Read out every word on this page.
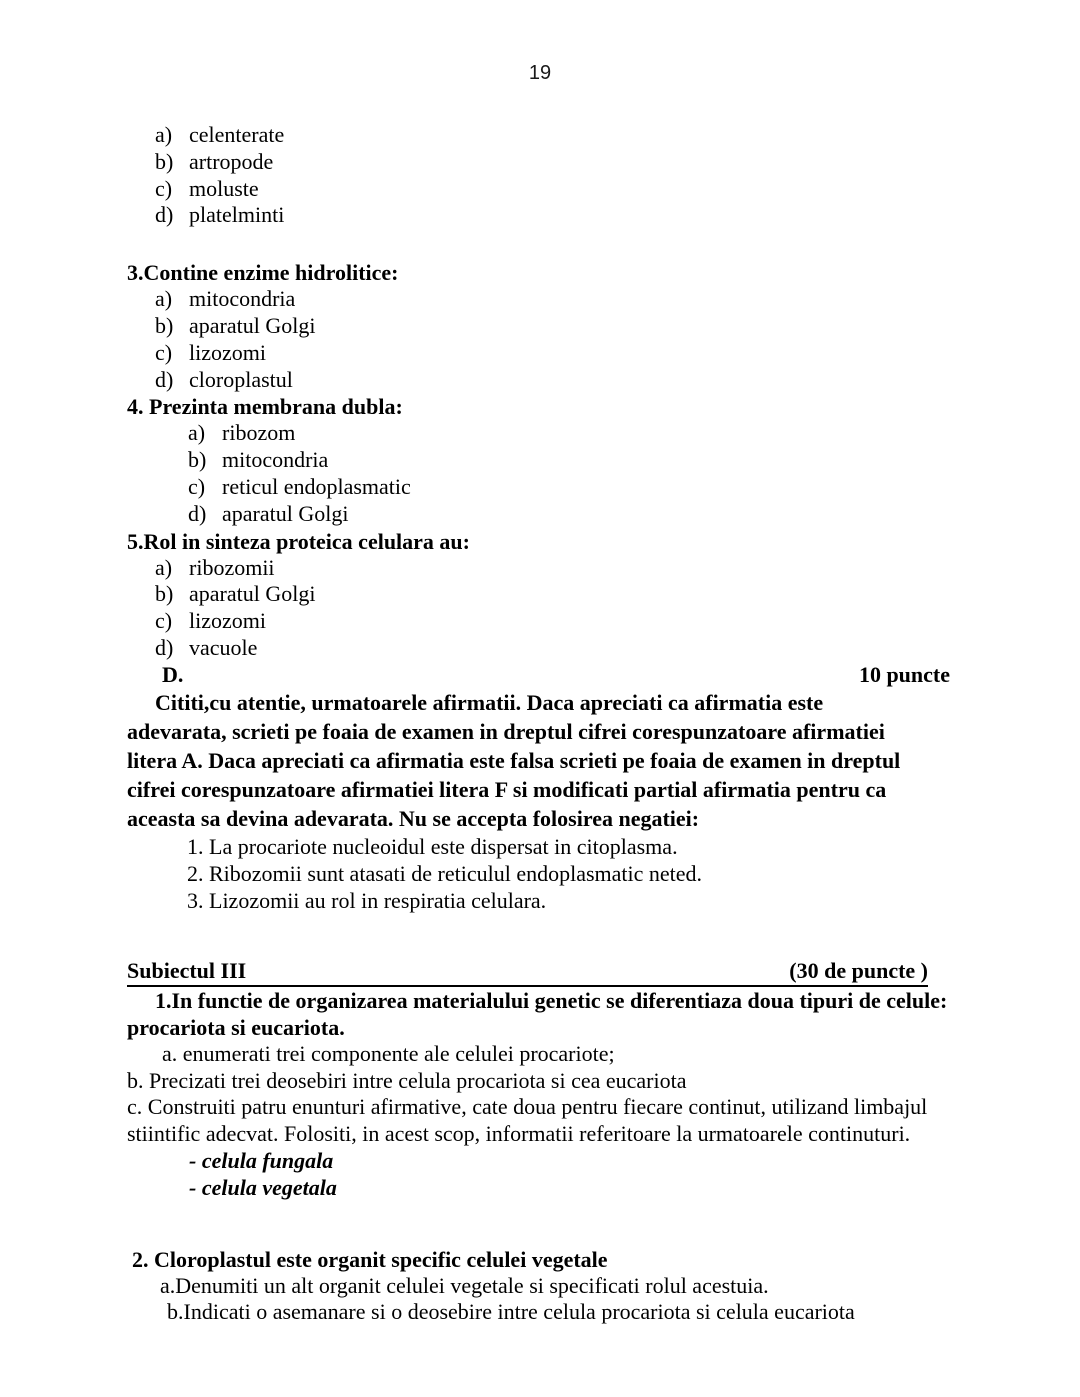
19
a) celenterate
b) artropode
c) moluste
d) platelminti
3.Contine enzime hidrolitice:
a) mitocondria
b) aparatul Golgi
c) lizozomi
d) cloroplastul
4. Prezinta membrana dubla:
a) ribozom
b) mitocondria
c) reticul endoplasmatic
d) aparatul Golgi
5.Rol in sinteza proteica celulara au:
a) ribozomii
b) aparatul Golgi
c) lizozomi
d) vacuole
D.	10 puncte
Cititi,cu atentie, urmatoarele afirmatii. Daca apreciati ca afirmatia este adevarata, scrieti pe foaia de examen in dreptul cifrei corespunzatoare afirmatiei litera A. Daca apreciati ca afirmatia este falsa scrieti pe foaia de examen in dreptul cifrei corespunzatoare afirmatiei litera F si modificati partial afirmatia pentru ca aceasta sa devina adevarata. Nu se accepta folosirea negatiei:
1. La procariote nucleoidul este dispersat in citoplasma.
2. Ribozomii sunt atasati de reticulul endoplasmatic neted.
3. Lizozomii au rol in respiratia celulara.
Subiectul III	(30 de puncte )
1.In functie de organizarea materialului genetic se diferentiaza doua tipuri de celule:
procariota si eucariota.
a. enumerati trei componente ale celulei procariote;
b. Precizati trei deosebiri intre celula procariota si cea eucariota
c. Construiti patru enunturi afirmative, cate doua pentru fiecare continut, utilizand limbajul
stiintific adecvat. Folositi, in acest scop, informatii referitoare la urmatoarele continuturi.
- celula fungala
- celula vegetala
2. Cloroplastul este organit specific celulei vegetale
a.Denumiti un alt organit celulei vegetale si specificati rolul acestuia.
b.Indicati o asemanare si o deosebire intre celula procariota si celula eucariota
